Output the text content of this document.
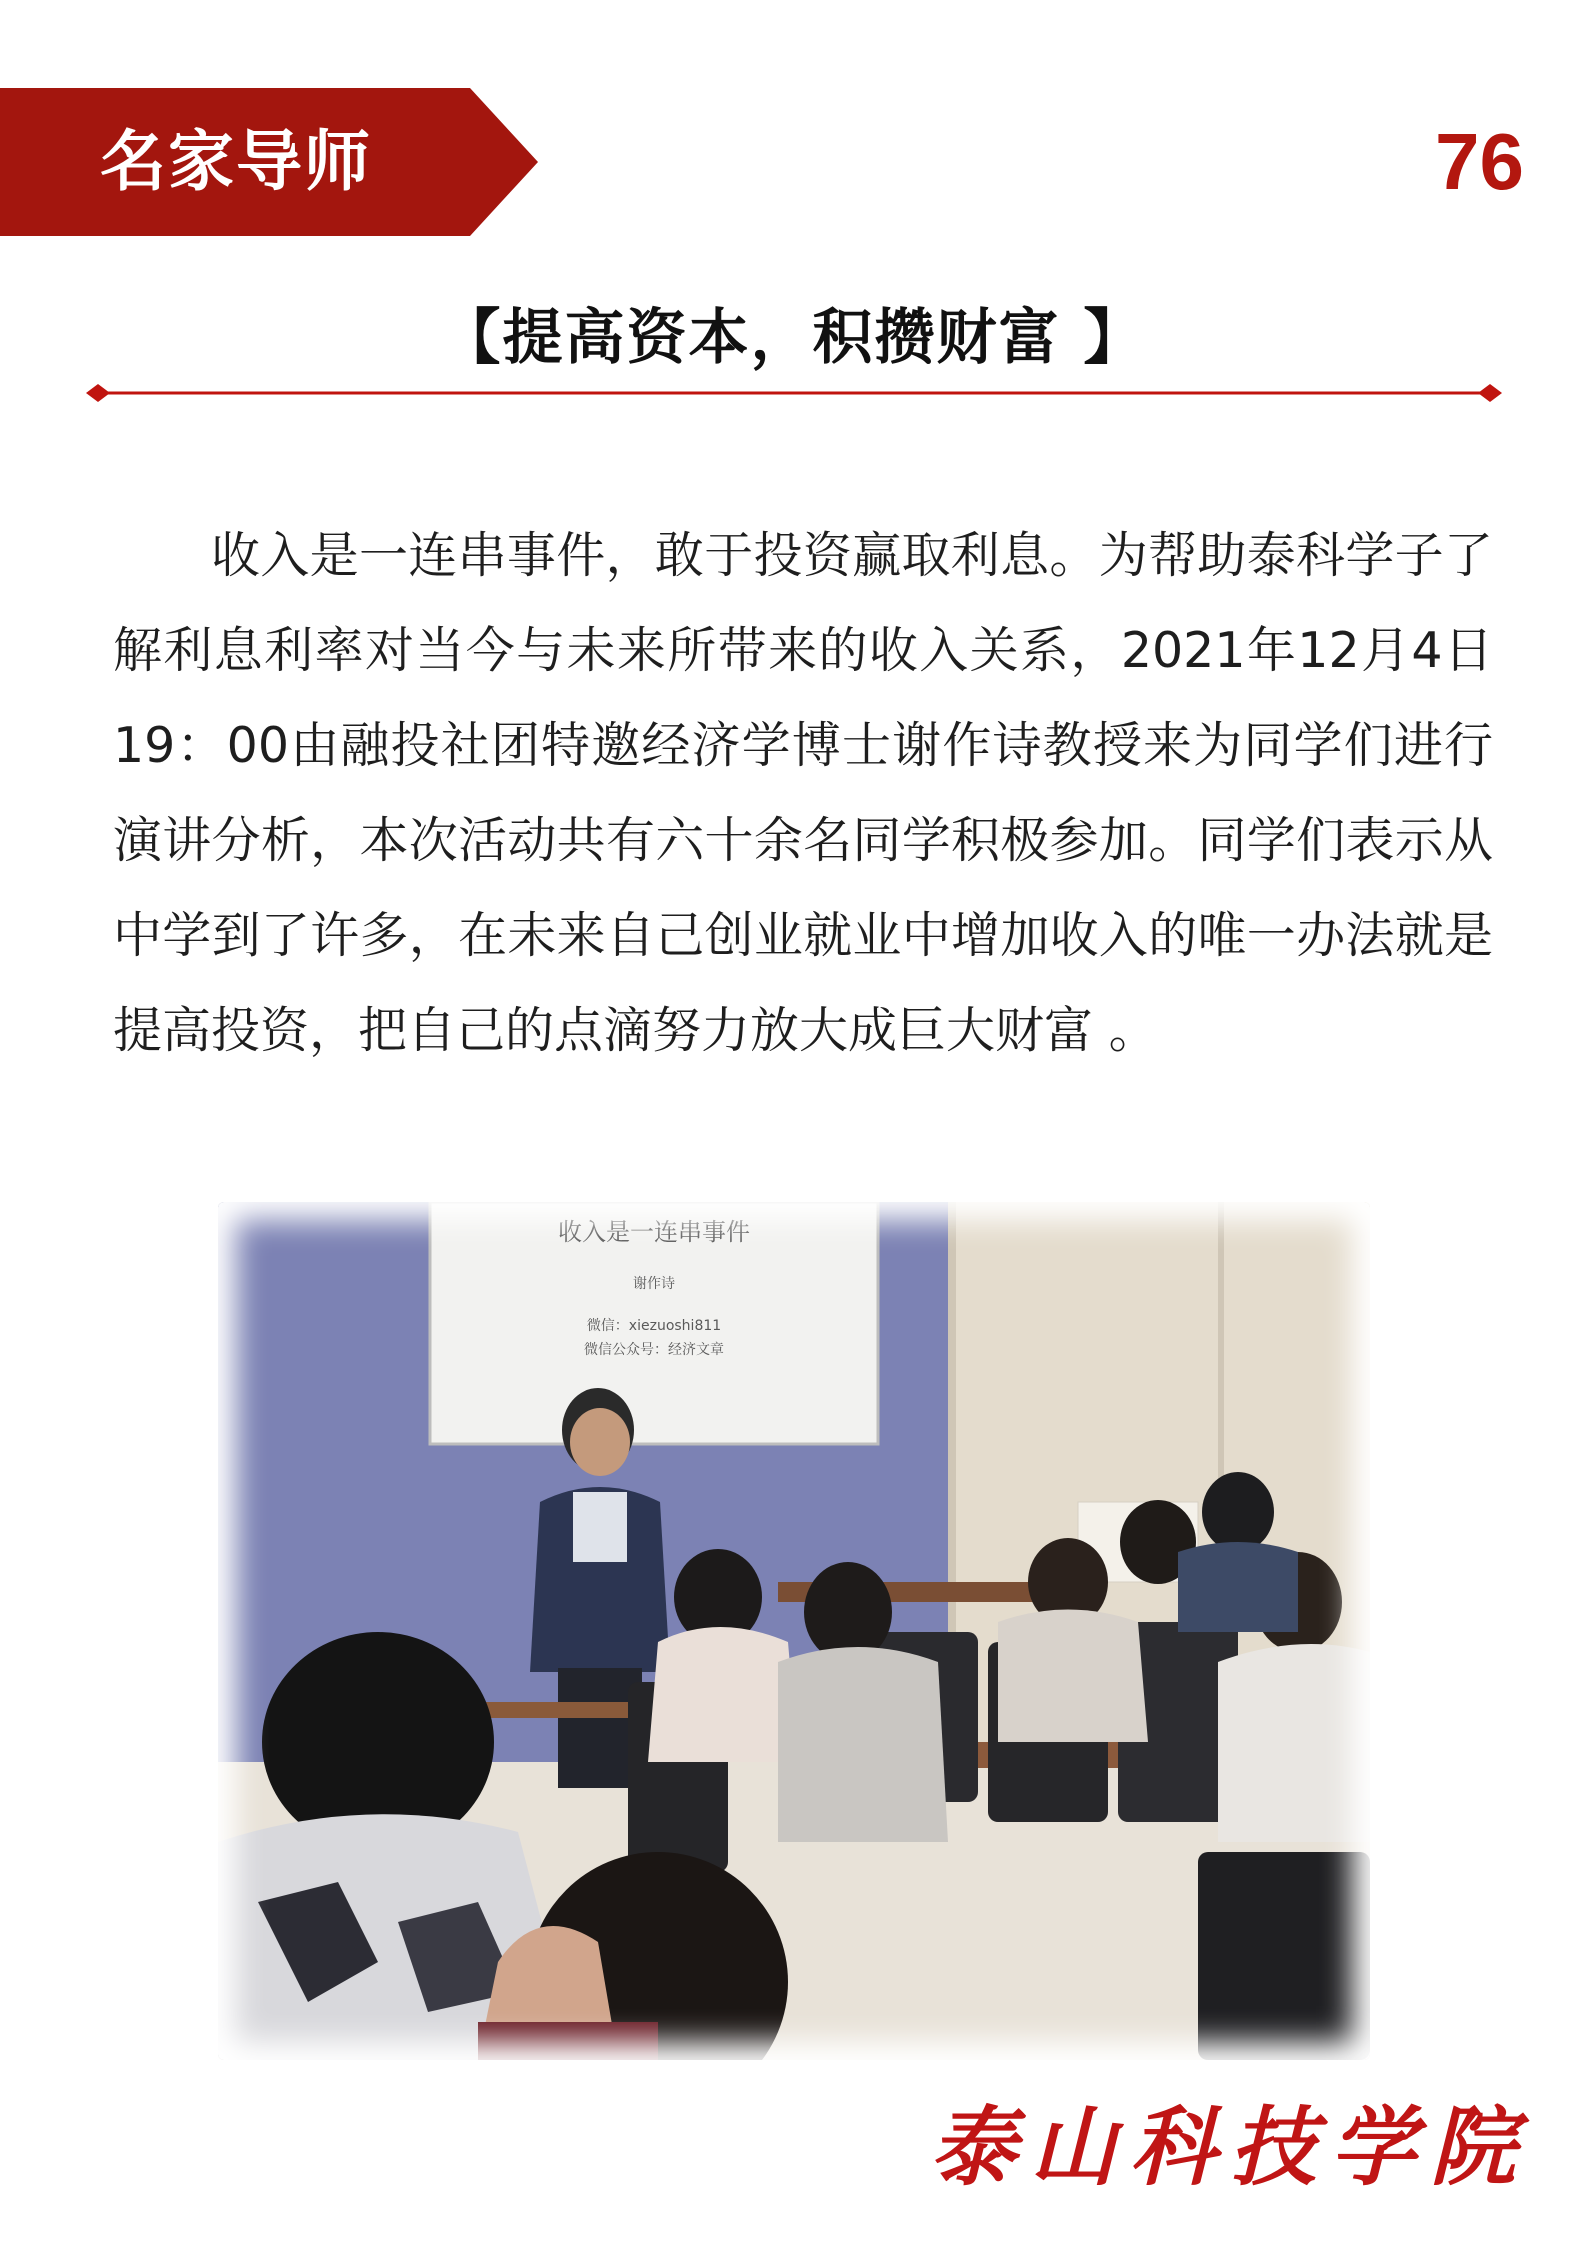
名家导师	76
【提高资本，积攒财富 】
收入是一连串事件，敢于投资赢取利息。为帮助泰科学子了解利息利率对当今与未来所带来的收入关系，2021年12月4日19：00由融投社团特邀经济学博士谢作诗教授来为同学们进行演讲分析，本次活动共有六十余名同学积极参加。同学们表示从中学到了许多，在未来自己创业就业中增加收入的唯一办法就是提高投资，把自己的点滴努力放大成巨大财富 。
收入是一连串事件
谢作诗
微信：xiezuoshi811
微信公众号：经济文章
泰山科技学院
